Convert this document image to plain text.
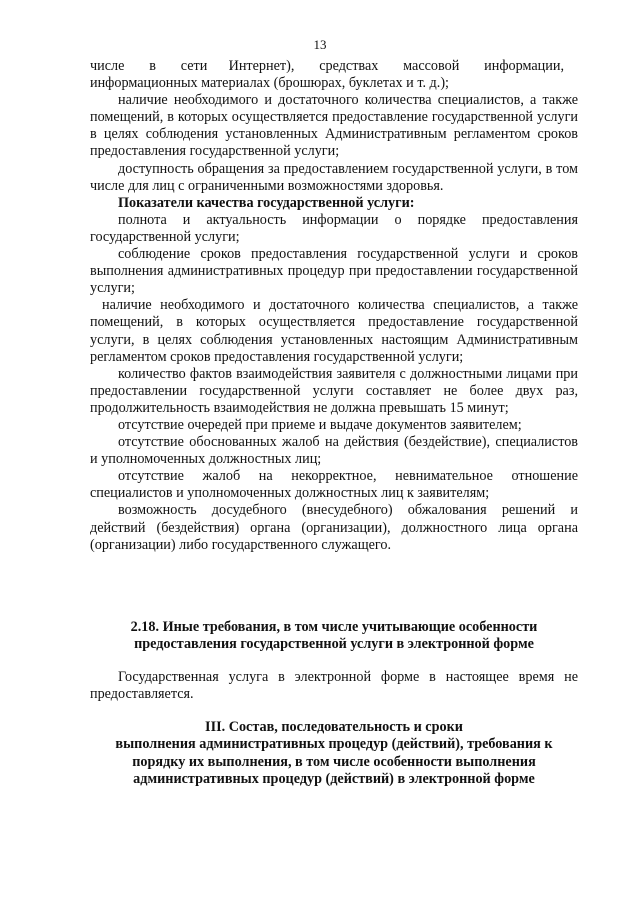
13

числе       в       сети      Интернет),       средствах       массовой       информации,

информационных материалах (брошюрах, буклетах и т. д.);

наличие необходимого и достаточного количества специалистов, а также помещений, в которых осуществляется предоставление государственной услуги в целях соблюдения установленных Административным регламентом сроков предоставления государственной услуги;

доступность обращения за предоставлением государственной услуги, в том числе для лиц с ограниченными возможностями здоровья.

Показатели качества государственной услуги:

полнота и актуальность информации о порядке предоставления государственной услуги;

соблюдение сроков предоставления государственной услуги и сроков выполнения административных процедур при предоставлении государственной услуги;

наличие необходимого и достаточного количества специалистов, а также помещений, в которых осуществляется предоставление государственной услуги, в целях соблюдения установленных настоящим Административным регламентом сроков предоставления государственной услуги;

количество фактов взаимодействия заявителя с должностными лицами при предоставлении государственной услуги составляет не более двух раз, продолжительность взаимодействия не должна превышать 15 минут;

отсутствие очередей при приеме и выдаче документов заявителем;

отсутствие обоснованных жалоб на действия (бездействие), специалистов и уполномоченных должностных лиц;

отсутствие жалоб на некорректное, невнимательное отношение специалистов и уполномоченных должностных лиц к заявителям;

возможность досудебного (внесудебного) обжалования решений и действий (бездействия) органа (организации), должностного лица органа (организации) либо государственного служащего.

2.18. Иные требования, в том числе учитывающие особенности
предоставления государственной услуги в электронной форме

Государственная услуга в электронной форме в настоящее время не предоставляется.

III. Состав, последовательность и сроки
выполнения административных процедур (действий), требования к
порядку их выполнения, в том числе особенности выполнения
административных процедур (действий) в электронной форме
